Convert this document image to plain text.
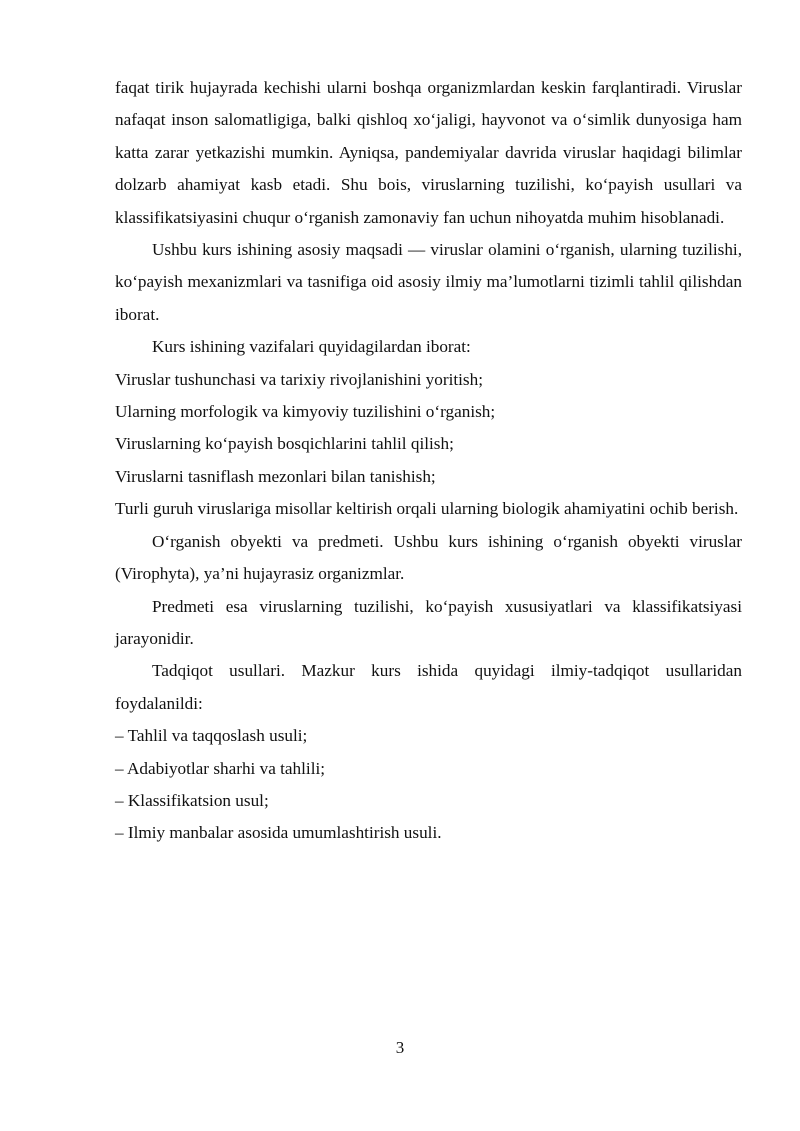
faqat tirik hujayrada kechishi ularni boshqa organizmlardan keskin farqlantiradi. Viruslar nafaqat inson salomatligiga, balki qishloq xo‘jaligi, hayvonot va o‘simlik dunyosiga ham katta zarar yetkazishi mumkin. Ayniqsa, pandemiyalar davrida viruslar haqidagi bilimlar dolzarb ahamiyat kasb etadi. Shu bois, viruslarning tuzilishi, ko‘payish usullari va klassifikatsiyasini chuqur o‘rganish zamonaviy fan uchun nihoyatda muhim hisoblanadi.

Ushbu kurs ishining asosiy maqsadi — viruslar olamini o‘rganish, ularning tuzilishi, ko‘payish mexanizmlari va tasnifiga oid asosiy ilmiy ma’lumotlarni tizimli tahlil qilishdan iborat.

Kurs ishining vazifalari quyidagilardan iborat:

Viruslar tushunchasi va tarixiy rivojlanishini yoritish;

Ularning morfologik va kimyoviy tuzilishini o‘rganish;

Viruslarning ko‘payish bosqichlarini tahlil qilish;

Viruslarni tasniflash mezonlari bilan tanishish;

Turli guruh viruslariga misollar keltirish orqali ularning biologik ahamiyatini ochib berish.

O‘rganish obyekti va predmeti. Ushbu kurs ishining o‘rganish obyekti viruslar (Virophyta), ya’ni hujayrasiz organizmlar.

Predmeti esa viruslarning tuzilishi, ko‘payish xususiyatlari va klassifikatsiyasi jarayonidir.

Tadqiqot usullari. Mazkur kurs ishida quyidagi ilmiy-tadqiqot usullaridan foydalanildi:

– Tahlil va taqqoslash usuli;

– Adabiyotlar sharhi va tahlili;

– Klassifikatsion usul;

– Ilmiy manbalar asosida umumlashtirish usuli.

3
